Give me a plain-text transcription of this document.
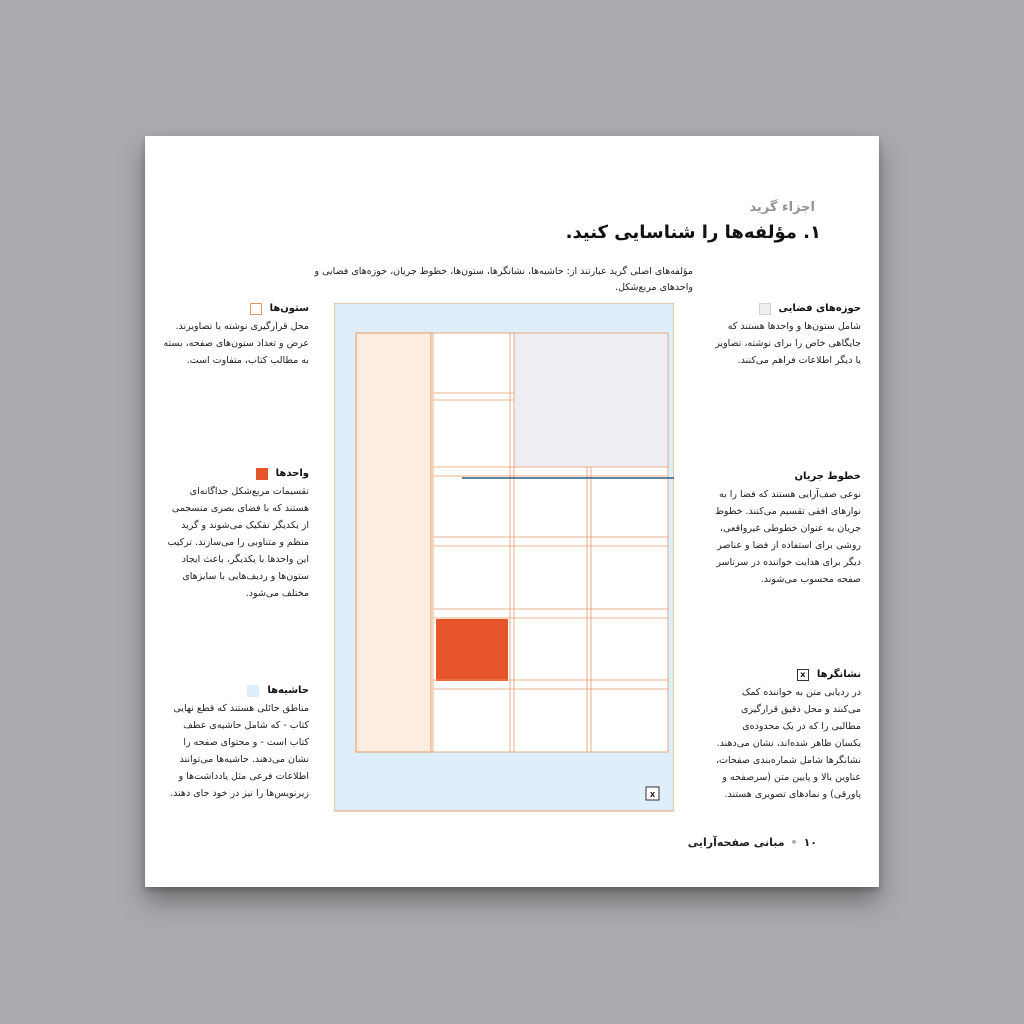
اجزاء گرید
۱. مؤلفه‌ها را شناسایی کنید.
مؤلفه‌های اصلی گرید عبارتند از: حاشیه‌ها، نشانگرها، ستون‌ها، خطوط جریان، حوزه‌های فضایی و واحدهای مربع‌شکل.
ستون‌ها
محل قرارگیری نوشته یا تصاویرند. عرض و تعداد ستون‌های صفحه، بسته به مطالب کتاب، متفاوت است.
واحدها
تقسیمات مربع‌شکل جداگانه‌ای هستند که با فضای بصری منسجمی از یکدیگر تفکیک می‌شوند و گرید منظم و متناوبی را می‌سازند. ترکیب این واحدها با یکدیگر، باعث ایجاد ستون‌ها و ردیف‌هایی با سایزهای مختلف می‌شود.
حاشیه‌ها
مناطق حائلی هستند که قطع نهایی کتاب - که شامل حاشیه‌ی عطف کتاب است - و محتوای صفحه را نشان می‌دهند. حاشیه‌ها می‌توانند اطلاعات فرعی مثل یادداشت‌ها و زیرنویس‌ها را نیز در خود جای دهند.
حوزه‌های فضایی
شامل ستون‌ها و واحدها هستند که جایگاهی خاص را برای نوشته، تصاویر یا دیگر اطلاعات فراهم می‌کنند.
خطوط جریان
نوعی صف‌آرایی هستند که فضا را به نوارهای افقی تقسیم می‌کنند. خطوط جریان به عنوان خطوطی غیرواقعی، روشی برای استفاده از فضا و عناصر دیگر برای هدایت خواننده در سرتاسر صفحه محسوب می‌شوند.
نشانگرها
x
در ردیابی متن به خواننده کمک می‌کنند و محل دقیق قرارگیری مطالبی را که در یک محدوده‌ی یکسان ظاهر شده‌اند، نشان می‌دهند. نشانگرها شامل شماره‌بندی صفحات، عناوین بالا و پایین متن (سرصفحه و پاورقی) و نمادهای تصویری هستند.
x
۱۰
•
مبانی صفحه‌آرایی
